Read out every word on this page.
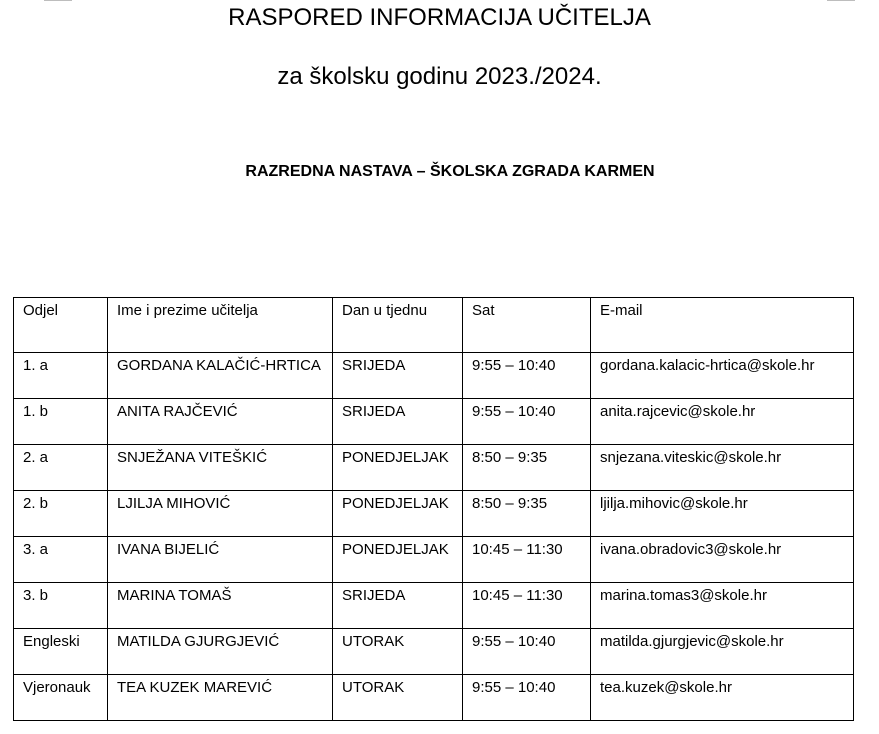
RASPORED INFORMACIJA UČITELJA
za školsku godinu 2023./2024.
RAZREDNA NASTAVA – ŠKOLSKA ZGRADA KARMEN
Odjel	Ime i prezime učitelja	Dan u tjednu	Sat	E-mail
1. a	GORDANA KALAČIĆ-HRTICA	SRIJEDA	9:55 – 10:40	gordana.kalacic-hrtica@skole.hr
1. b	ANITA RAJČEVIĆ	SRIJEDA	9:55 – 10:40	anita.rajcevic@skole.hr
2. a	SNJEŽANA VITEŠKIĆ	PONEDJELJAK	8:50 – 9:35	snjezana.viteskic@skole.hr
2. b	LJILJA MIHOVIĆ	PONEDJELJAK	8:50 – 9:35	ljilja.mihovic@skole.hr
3. a	IVANA BIJELIĆ	PONEDJELJAK	10:45 – 11:30	ivana.obradovic3@skole.hr
3. b	MARINA TOMAŠ	SRIJEDA	10:45 – 11:30	marina.tomas3@skole.hr
Engleski	MATILDA GJURGJEVIĆ	UTORAK	9:55 – 10:40	matilda.gjurgjevic@skole.hr
Vjeronauk	TEA KUZEK MAREVIĆ	UTORAK	9:55 – 10:40	tea.kuzek@skole.hr
